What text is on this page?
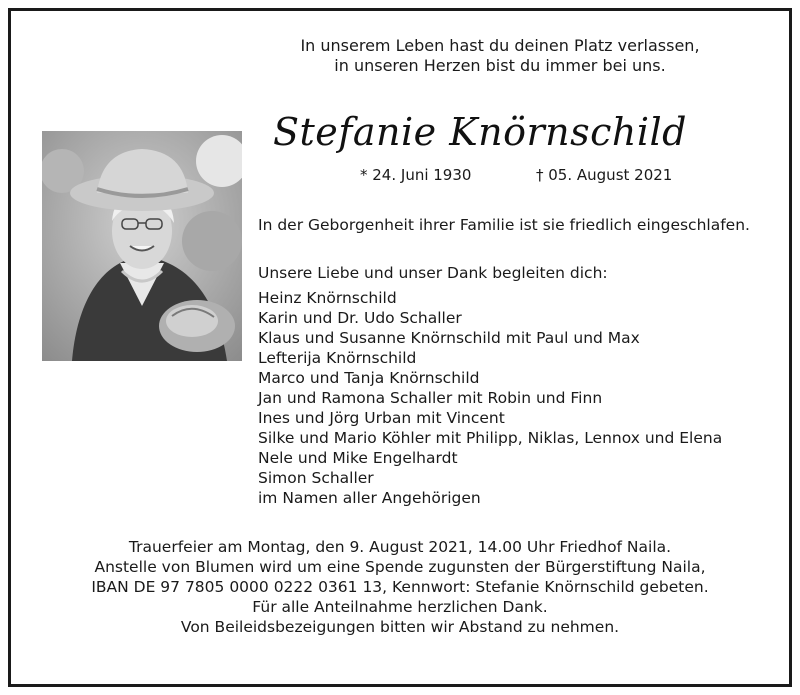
In unserem Leben hast du deinen Platz verlassen,
in unseren Herzen bist du immer bei uns.
Stefanie Knörnschild
* 24. Juni 1930	† 05. August 2021
In der Geborgenheit ihrer Familie ist sie friedlich eingeschlafen.
Unsere Liebe und unser Dank begleiten dich:
Heinz Knörnschild
Karin und Dr. Udo Schaller
Klaus und Susanne Knörnschild mit Paul und Max
Lefterija Knörnschild
Marco und Tanja Knörnschild
Jan und Ramona Schaller mit Robin und Finn
Ines und Jörg Urban mit Vincent
Silke und Mario Köhler mit Philipp, Niklas, Lennox und Elena
Nele und Mike Engelhardt
Simon Schaller
im Namen aller Angehörigen
Trauerfeier am Montag, den 9. August 2021, 14.00 Uhr Friedhof Naila.
Anstelle von Blumen wird um eine Spende zugunsten der Bürgerstiftung Naila,
IBAN DE 97 7805 0000 0222 0361 13, Kennwort: Stefanie Knörnschild gebeten.
Für alle Anteilnahme herzlichen Dank.
Von Beileidsbezeigungen bitten wir Abstand zu nehmen.
